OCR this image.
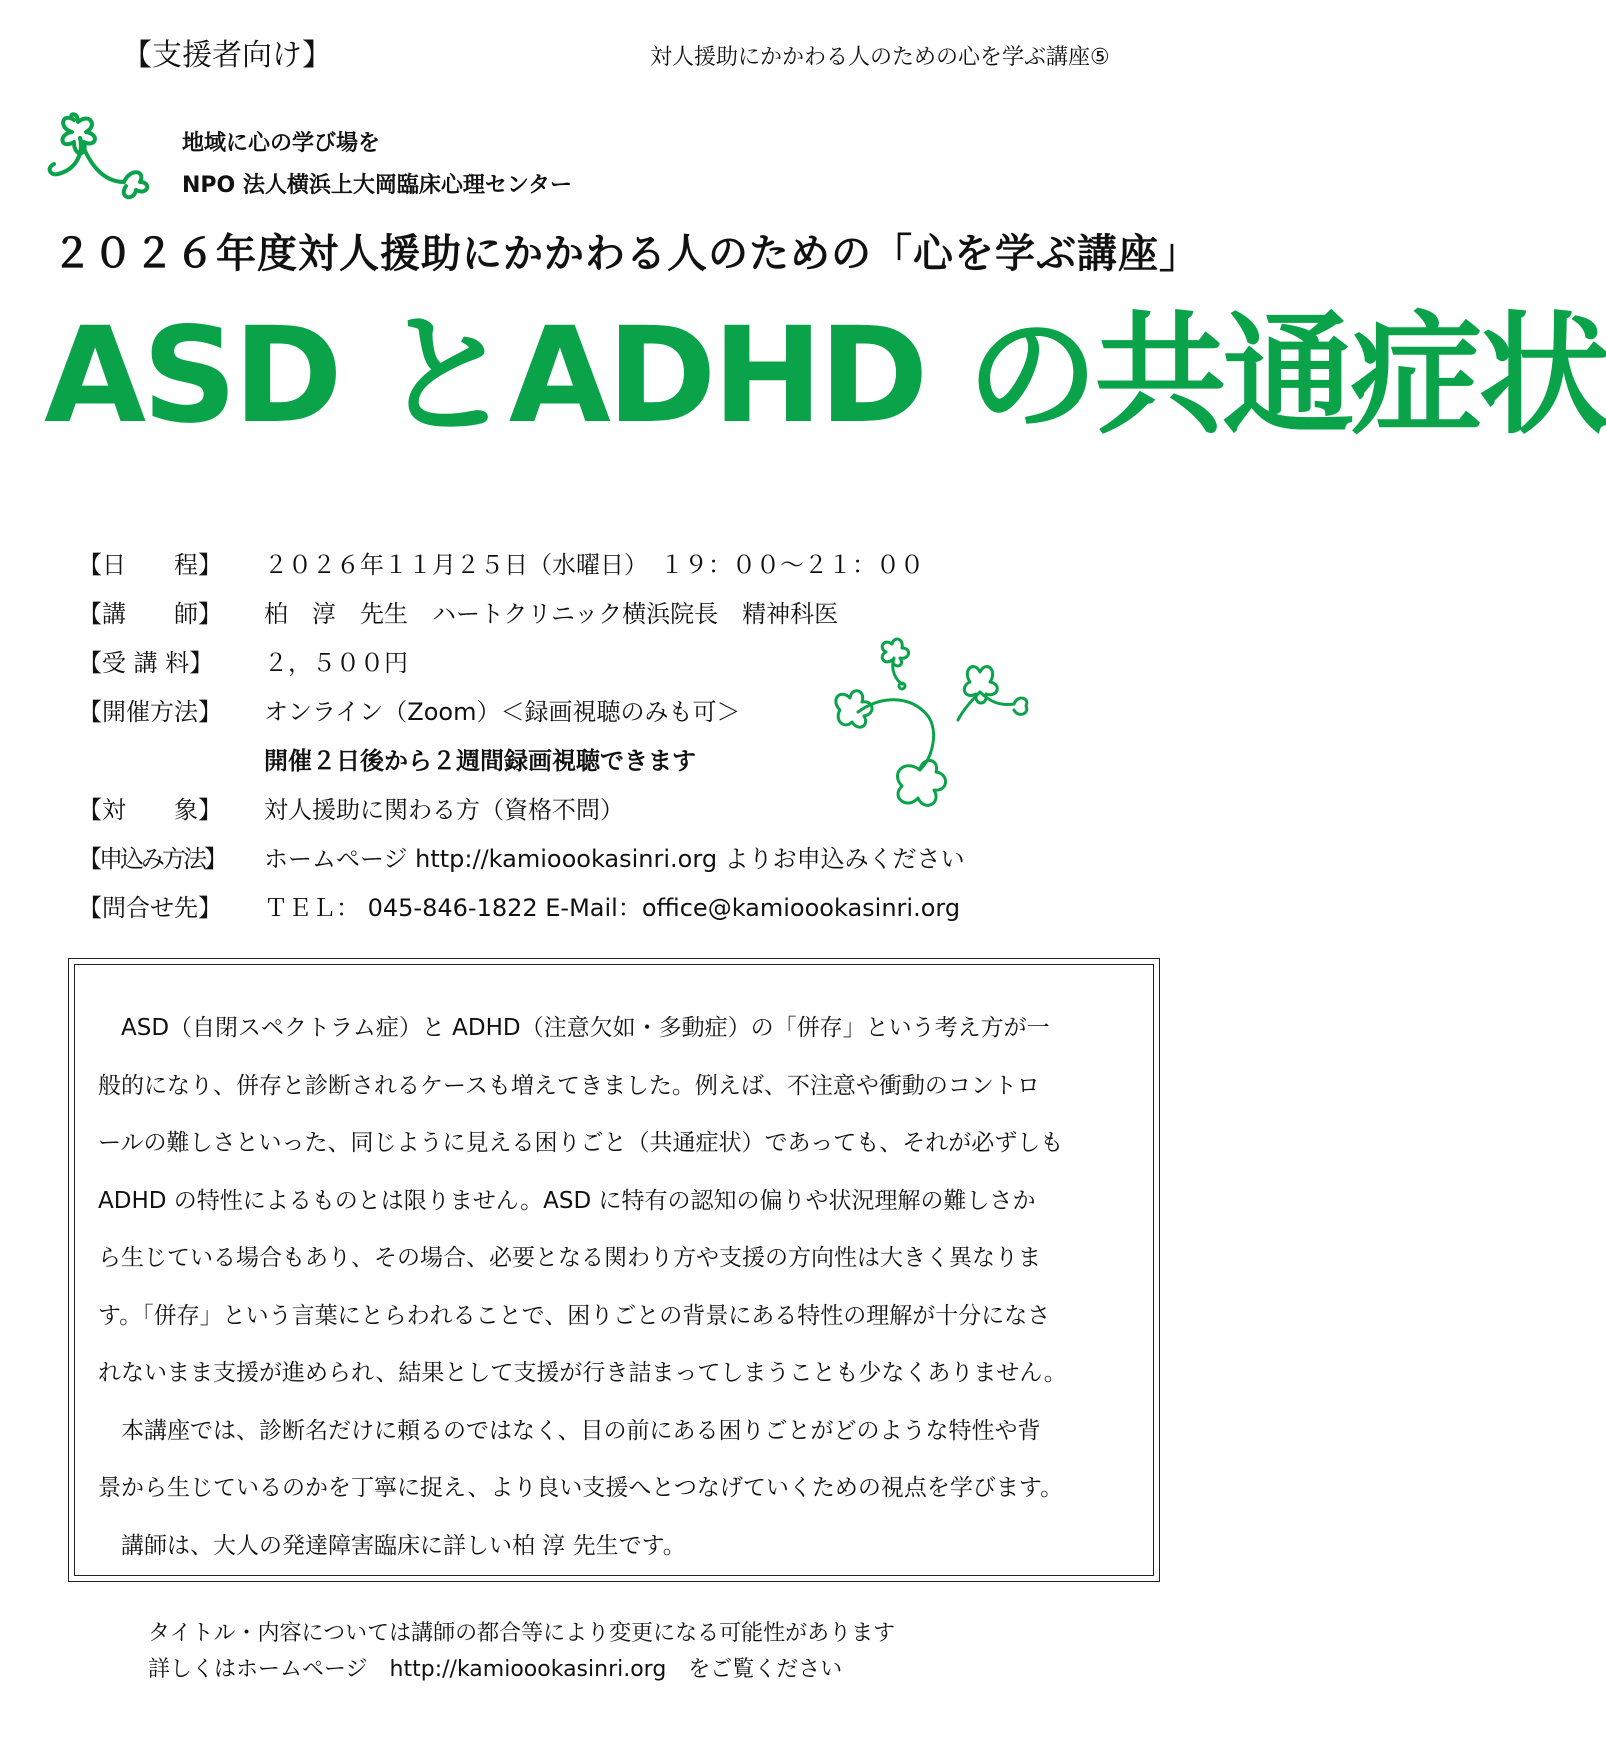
【支援者向け】	対人援助にかかわる人のための心を学ぶ講座⑤
地域に心の学び場を
NPO 法人横浜上大岡臨床心理センター
２０２６年度対人援助にかかわる人のための「心を学ぶ講座」
ASD とADHD の共通症状
【日　　程】	２０２６年１１月２５日（水曜日）　１９：００～２１：００
【講　　師】	柏　淳　先生　ハートクリニック横浜院長　精神科医
【受 講 料】	２，５００円
【開催方法】	オンライン（Zoom）＜録画視聴のみも可＞
開催２日後から２週間録画視聴できます
【対　　象】	対人援助に関わる方（資格不問）
【申込み方法】	ホームページ http://kamioookasinri.org よりお申込みください
【問合せ先】	ＴＥＬ： 045-846-1822 E-Mail：office@kamioookasinri.org
　ASD（自閉スペクトラム症）と ADHD（注意欠如・多動症）の「併存」という考え方が一
般的になり、併存と診断されるケースも増えてきました。例えば、不注意や衝動のコントロ
ールの難しさといった、同じように見える困りごと（共通症状）であっても、それが必ずしも
ADHD の特性によるものとは限りません。ASD に特有の認知の偏りや状況理解の難しさか
ら生じている場合もあり、その場合、必要となる関わり方や支援の方向性は大きく異なりま
す。「併存」という言葉にとらわれることで、困りごとの背景にある特性の理解が十分になさ
れないまま支援が進められ、結果として支援が行き詰まってしまうことも少なくありません。
　本講座では、診断名だけに頼るのではなく、目の前にある困りごとがどのような特性や背
景から生じているのかを丁寧に捉え、より良い支援へとつなげていくための視点を学びます。
　講師は、大人の発達障害臨床に詳しい柏 淳 先生です。
タイトル・内容については講師の都合等により変更になる可能性があります
詳しくはホームページ　http://kamioookasinri.org　をご覧ください
